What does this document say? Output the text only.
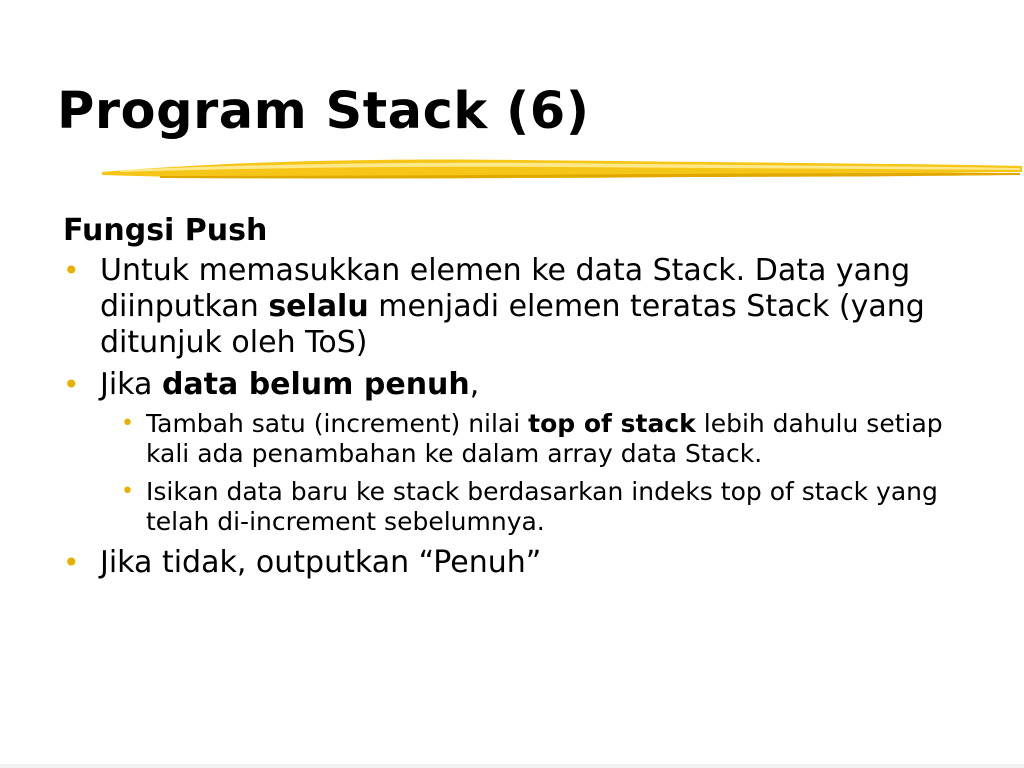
Program Stack (6)
Fungsi Push
• Untuk memasukkan elemen ke data Stack. Data yang diinputkan selalu menjadi elemen teratas Stack (yang ditunjuk oleh ToS)
• Jika data belum penuh,
• Tambah satu (increment) nilai top of stack lebih dahulu setiap kali ada penambahan ke dalam array data Stack.
• Isikan data baru ke stack berdasarkan indeks top of stack yang telah di-increment sebelumnya.
• Jika tidak, outputkan “Penuh”
